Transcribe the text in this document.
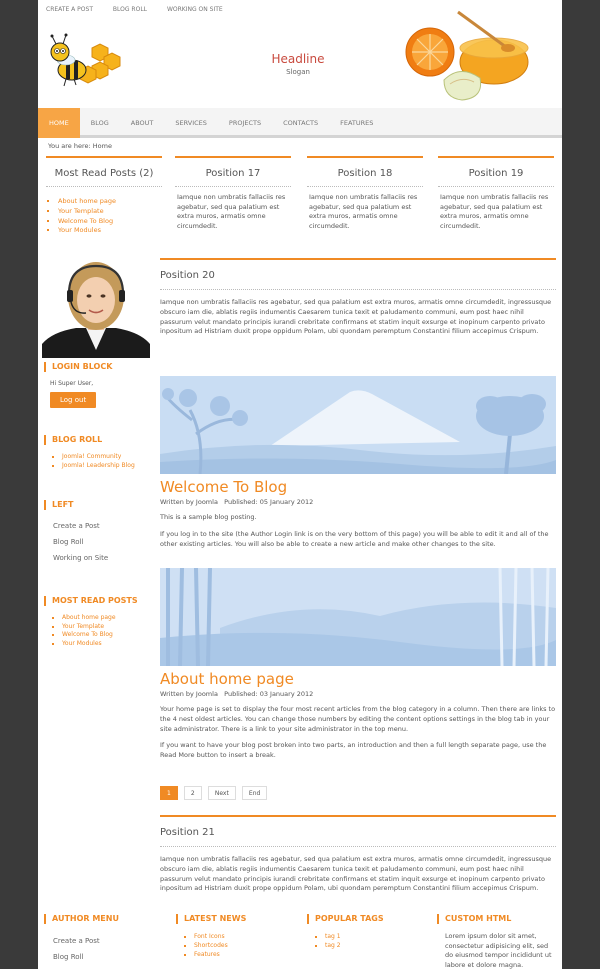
CREATE A POST	BLOG ROLL	WORKING ON SITE
Headline
Slogan
HOME	BLOG	ABOUT	SERVICES	PROJECTS	CONTACTS	FEATURES
You are here: Home
Most Read Posts (2)
▪ About home page
▪ Your Template
▪ Welcome To Blog
▪ Your Modules
Position 17
Iamque non umbratis fallaciis res agebatur, sed qua palatium est extra muros, armatis omne circumdedit.
Position 18
Iamque non umbratis fallaciis res agebatur, sed qua palatium est extra muros, armatis omne circumdedit.
Position 19
Iamque non umbratis fallaciis res agebatur, sed qua palatium est extra muros, armatis omne circumdedit.
LOGIN BLOCK
Hi Super User,
Log out
BLOG ROLL
▪ Joomla! Community
▪ Joomla! Leadership Blog
LEFT
Create a Post
Blog Roll
Working on Site
MOST READ POSTS
▪ About home page
▪ Your Template
▪ Welcome To Blog
▪ Your Modules
Position 20
Iamque non umbratis fallaciis res agebatur, sed qua palatium est extra muros, armatis omne circumdedit, ingressusque obscuro iam die, ablatis regiis indumentis Caesarem tunica texit et paludamento communi, eum post haec nihil passurum velut mandato principis iurandi crebritate confirmans et statim inquit exsurge et inopinum carpento privato inpositum ad Histriam duxit prope oppidum Polam, ubi quondam peremptum Constantini filium accepimus Crispum.
Welcome To Blog
Written by Joomla Published: 05 January 2012
This is a sample blog posting.
If you log in to the site (the Author Login link is on the very bottom of this page) you will be able to edit it and all of the other existing articles. You will also be able to create a new article and make other changes to the site.
About home page
Written by Joomla Published: 03 January 2012
Your home page is set to display the four most recent articles from the blog category in a column. Then there are links to the 4 nest oldest articles. You can change those numbers by editing the content options settings in the blog tab in your site administrator. There is a link to your site administrator in the top menu.
If you want to have your blog post broken into two parts, an introduction and then a full length separate page, use the Read More button to insert a break.
1	2	Next	End
Position 21
Iamque non umbratis fallaciis res agebatur, sed qua palatium est extra muros, armatis omne circumdedit, ingressusque obscuro iam die, ablatis regiis indumentis Caesarem tunica texit et paludamento communi, eum post haec nihil passurum velut mandato principis iurandi crebritate confirmans et statim inquit exsurge et inopinum carpento privato inpositum ad Histriam duxit prope oppidum Polam, ubi quondam peremptum Constantini filium accepimus Crispum.
AUTHOR MENU
Create a Post
Blog Roll
LATEST NEWS
▪ Font Icons
▪ Shortcodes
▪ Features
POPULAR TAGS
▪ tag 1
▪ tag 2
CUSTOM HTML
Lorem ipsum dolor sit amet, consectetur adipisicing elit, sed do eiusmod tempor incididunt ut labore et dolore magna.
